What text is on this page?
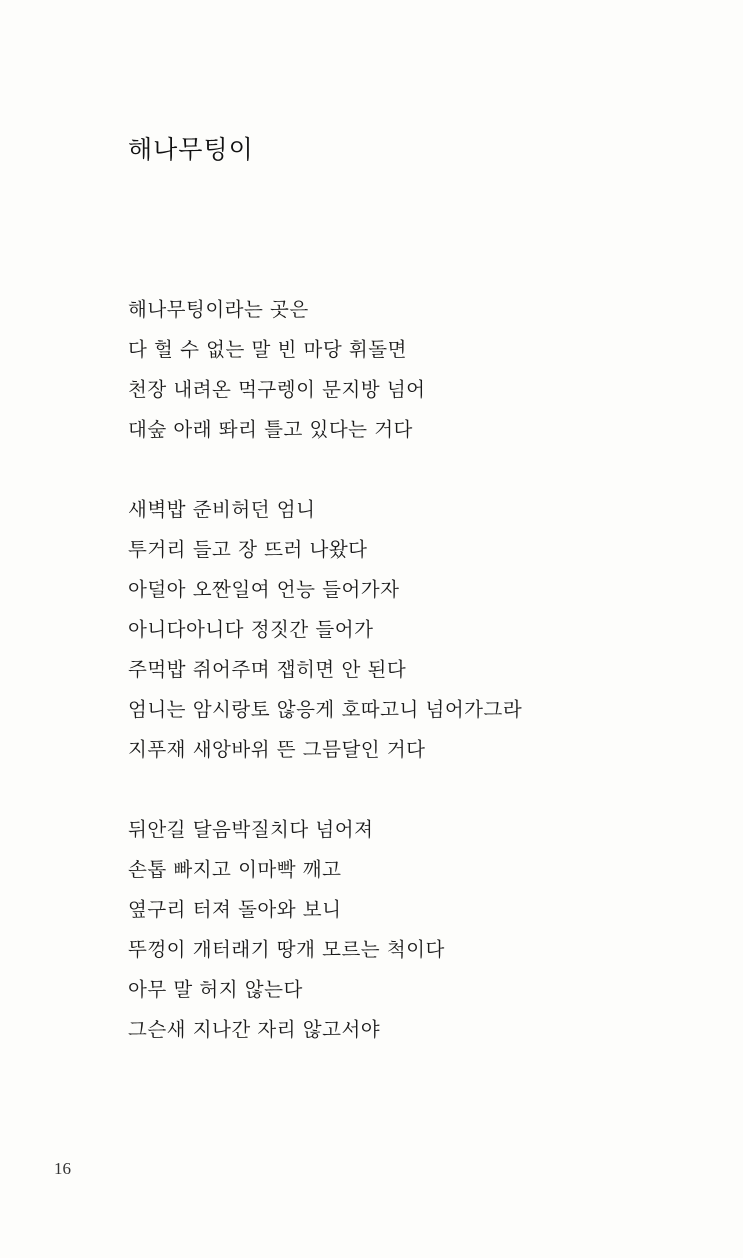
해나무팅이
해나무팅이라는 곳은
다 헐 수 없는 말 빈 마당 휘돌면
천장 내려온 먹구렝이 문지방 넘어
대숲 아래 똬리 틀고 있다는 거다
새벽밥 준비허던 엄니
투거리 들고 장 뜨러 나왔다
아덜아 오짠일여 언능 들어가자
아니다아니다 정짓간 들어가
주먹밥 쥐어주며 잽히면 안 된다
엄니는 암시랑토 않응게 호따고니 넘어가그라
지푸재 새앙바위 뜬 그믐달인 거다
뒤안길 달음박질치다 넘어져
손톱 빠지고 이마빡 깨고
옆구리 터져 돌아와 보니
뚜껑이 개터래기 땅개 모르는 척이다
아무 말 허지 않는다
그슨새 지나간 자리 않고서야
16
